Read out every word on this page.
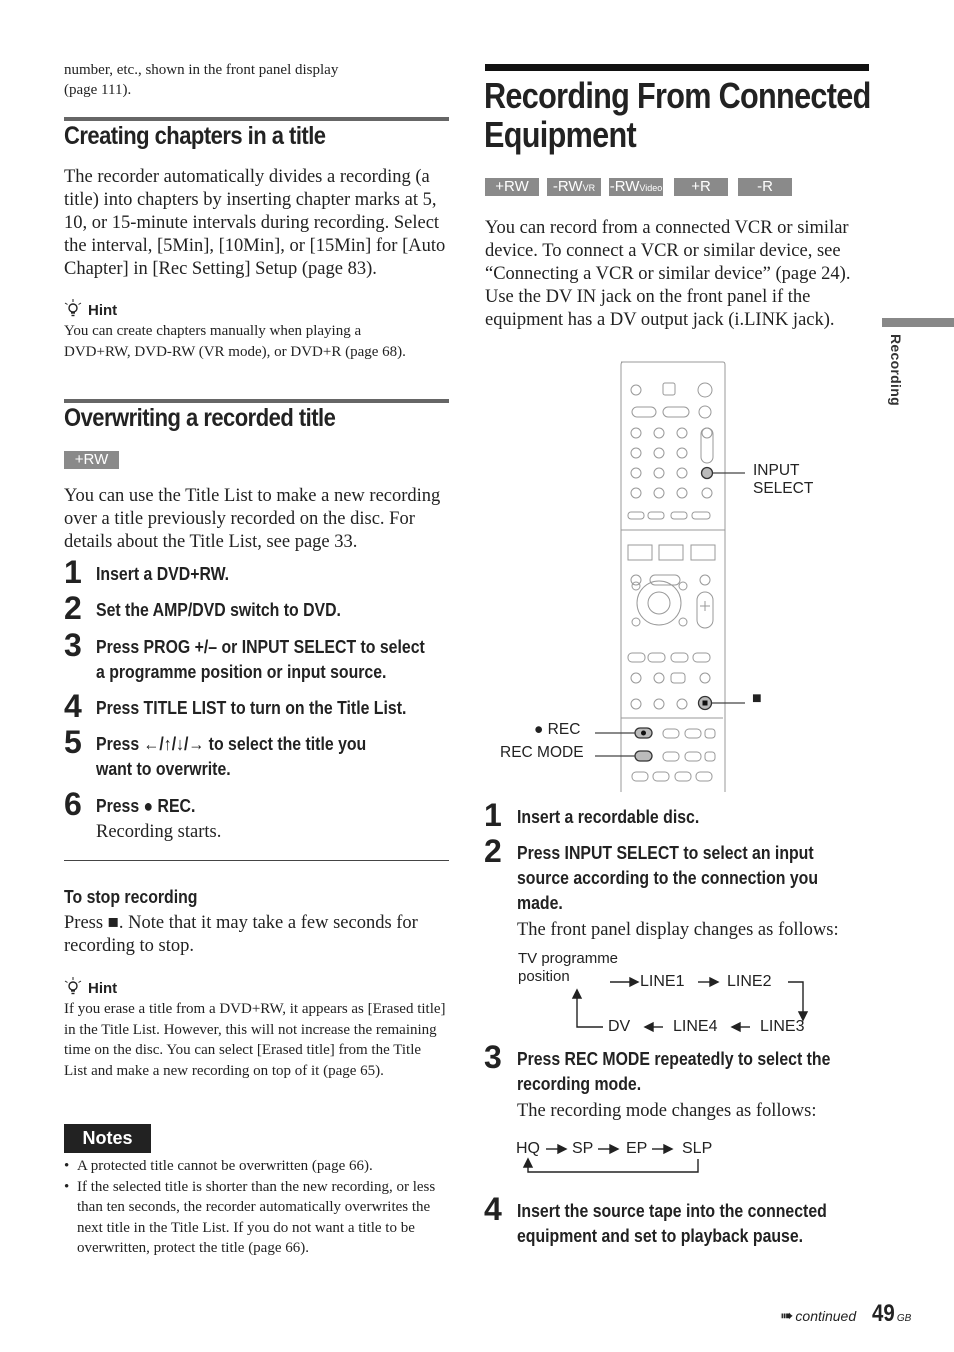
number, etc., shown in the front panel display
(page 111).
Creating chapters in a title
The recorder automatically divides a recording (a title) into chapters by inserting chapter marks at 5, 10, or 15-minute intervals during recording. Select the interval, [5Min], [10Min], or [15Min] for [Auto Chapter] in [Rec Setting] Setup (page 83).
Hint
You can create chapters manually when playing a DVD+RW, DVD-RW (VR mode), or DVD+R (page 68).
Overwriting a recorded title
+RW
You can use the Title List to make a new recording over a title previously recorded on the disc. For details about the Title List, see page 33.
1 Insert a DVD+RW.
2 Set the AMP/DVD switch to DVD.
3 Press PROG +/– or INPUT SELECT to select
a programme position or input source.
4 Press TITLE LIST to turn on the Title List.
5 Press ←/↑/↓/→ to select the title you
want to overwrite.
6 Press ● REC.
Recording starts.
To stop recording
Press ■. Note that it may take a few seconds for recording to stop.
Hint
If you erase a title from a DVD+RW, it appears as [Erased title] in the Title List. However, this will not increase the remaining time on the disc. You can select [Erased title] from the Title List and make a new recording on top of it (page 65).
Notes
• A protected title cannot be overwritten (page 66).
• If the selected title is shorter than the new recording, or less than ten seconds, the recorder automatically overwrites the next title in the Title List. If you do not want a title to be overwritten, protect the title (page 66).
Recording From Connected
Equipment
+RW	-RWVR -RWVideo	+R	-R
You can record from a connected VCR or similar device. To connect a VCR or similar device, see “Connecting a VCR or similar device” (page 24). Use the DV IN jack on the front panel if the equipment has a DV output jack (i.LINK jack).
INPUT
SELECT
■
● REC
REC MODE
1 Insert a recordable disc.
2 Press INPUT SELECT to select an input
source according to the connection you
made.
The front panel display changes as follows:
TV programme
position	LINE1	LINE2
LINE3
LINE4
DV
3 Press REC MODE repeatedly to select the
recording mode.
The recording mode changes as follows:
HQ SP EP SLP
4 Insert the source tape into the connected
equipment and set to playback pause.
Recording
➠ continued 49 GB
